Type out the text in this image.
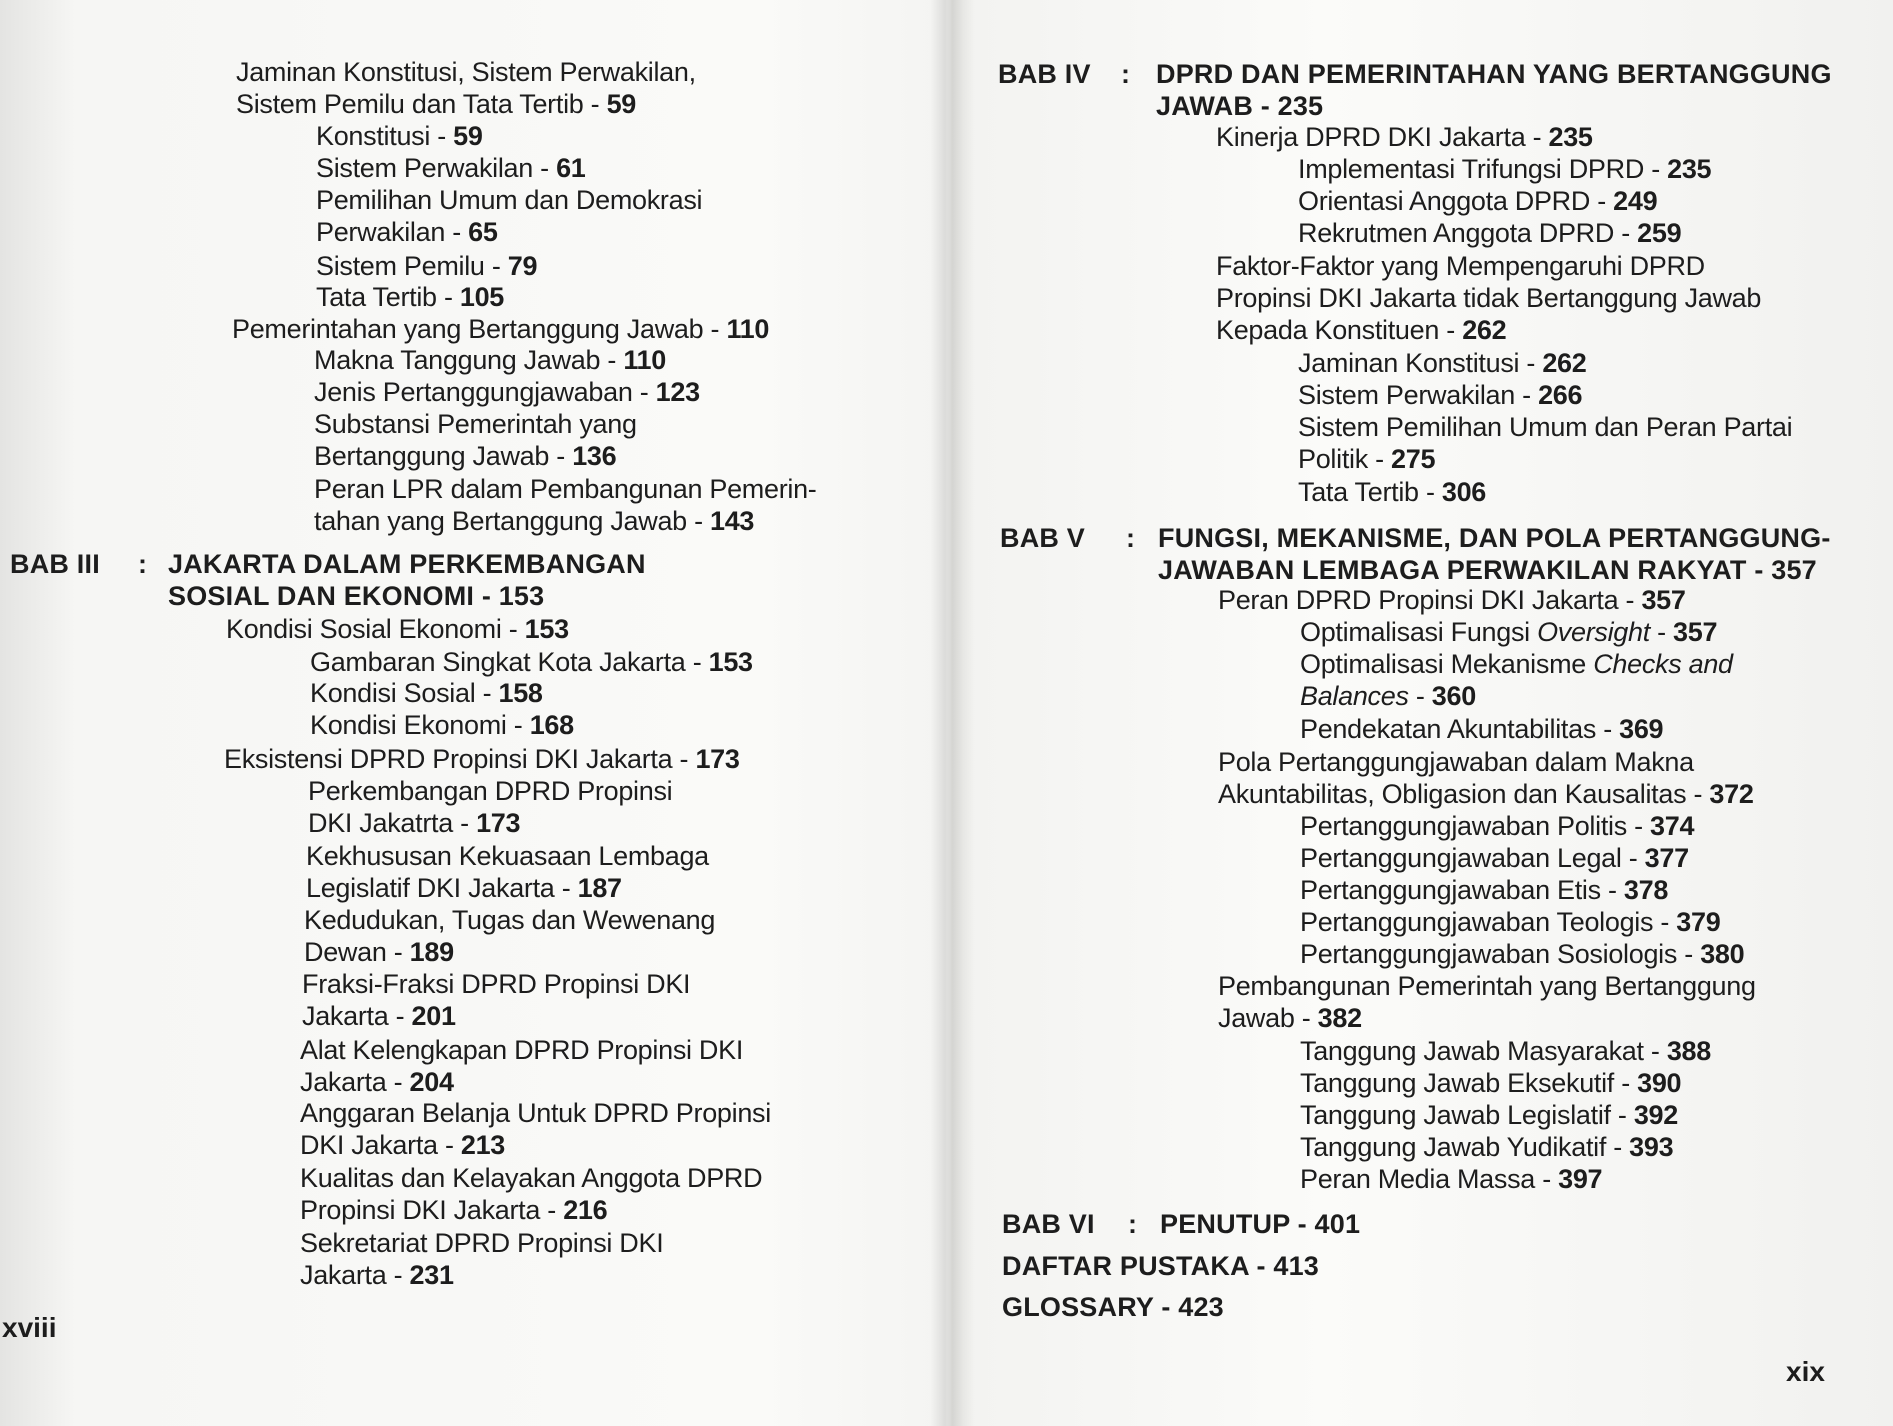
Jaminan Konstitusi, Sistem Perwakilan,
Sistem Pemilu dan Tata Tertib - 59
Konstitusi - 59
Sistem Perwakilan - 61
Pemilihan Umum dan Demokrasi
Perwakilan - 65
Sistem Pemilu - 79
Tata Tertib - 105
Pemerintahan yang Bertanggung Jawab - 110
Makna Tanggung Jawab - 110
Jenis Pertanggungjawaban - 123
Substansi Pemerintah yang
Bertanggung Jawab - 136
Peran LPR dalam Pembangunan Pemerin-
tahan yang Bertanggung Jawab - 143
BAB III : JAKARTA DALAM PERKEMBANGAN
SOSIAL DAN EKONOMI - 153
Kondisi Sosial Ekonomi - 153
Gambaran Singkat Kota Jakarta - 153
Kondisi Sosial - 158
Kondisi Ekonomi - 168
Eksistensi DPRD Propinsi DKI Jakarta - 173
Perkembangan DPRD Propinsi
DKI Jakatrta - 173
Kekhususan Kekuasaan Lembaga
Legislatif DKI Jakarta - 187
Kedudukan, Tugas dan Wewenang
Dewan - 189
Fraksi-Fraksi DPRD Propinsi DKI
Jakarta - 201
Alat Kelengkapan DPRD Propinsi DKI
Jakarta - 204
Anggaran Belanja Untuk DPRD Propinsi
DKI Jakarta - 213
Kualitas dan Kelayakan Anggota DPRD
Propinsi DKI Jakarta - 216
Sekretariat DPRD Propinsi DKI
Jakarta - 231
BAB IV : DPRD DAN PEMERINTAHAN YANG BERTANGGUNG
JAWAB - 235
Kinerja DPRD DKI Jakarta - 235
Implementasi Trifungsi DPRD - 235
Orientasi Anggota DPRD - 249
Rekrutmen Anggota DPRD - 259
Faktor-Faktor yang Mempengaruhi DPRD
Propinsi DKI Jakarta tidak Bertanggung Jawab
Kepada Konstituen - 262
Jaminan Konstitusi - 262
Sistem Perwakilan - 266
Sistem Pemilihan Umum dan Peran Partai
Politik - 275
Tata Tertib - 306
BAB V : FUNGSI, MEKANISME, DAN POLA PERTANGGUNG-
JAWABAN LEMBAGA PERWAKILAN RAKYAT - 357
Peran DPRD Propinsi DKI Jakarta - 357
Optimalisasi Fungsi Oversight - 357
Optimalisasi Mekanisme Checks and
Balances - 360
Pendekatan Akuntabilitas - 369
Pola Pertanggungjawaban dalam Makna
Akuntabilitas, Obligasion dan Kausalitas - 372
Pertanggungjawaban Politis - 374
Pertanggungjawaban Legal - 377
Pertanggungjawaban Etis - 378
Pertanggungjawaban Teologis - 379
Pertanggungjawaban Sosiologis - 380
Pembangunan Pemerintah yang Bertanggung
Jawab - 382
Tanggung Jawab Masyarakat - 388
Tanggung Jawab Eksekutif - 390
Tanggung Jawab Legislatif - 392
Tanggung Jawab Yudikatif - 393
Peran Media Massa - 397
BAB VI : PENUTUP - 401
DAFTAR PUSTAKA - 413
GLOSSARY - 423
xviii
xix
